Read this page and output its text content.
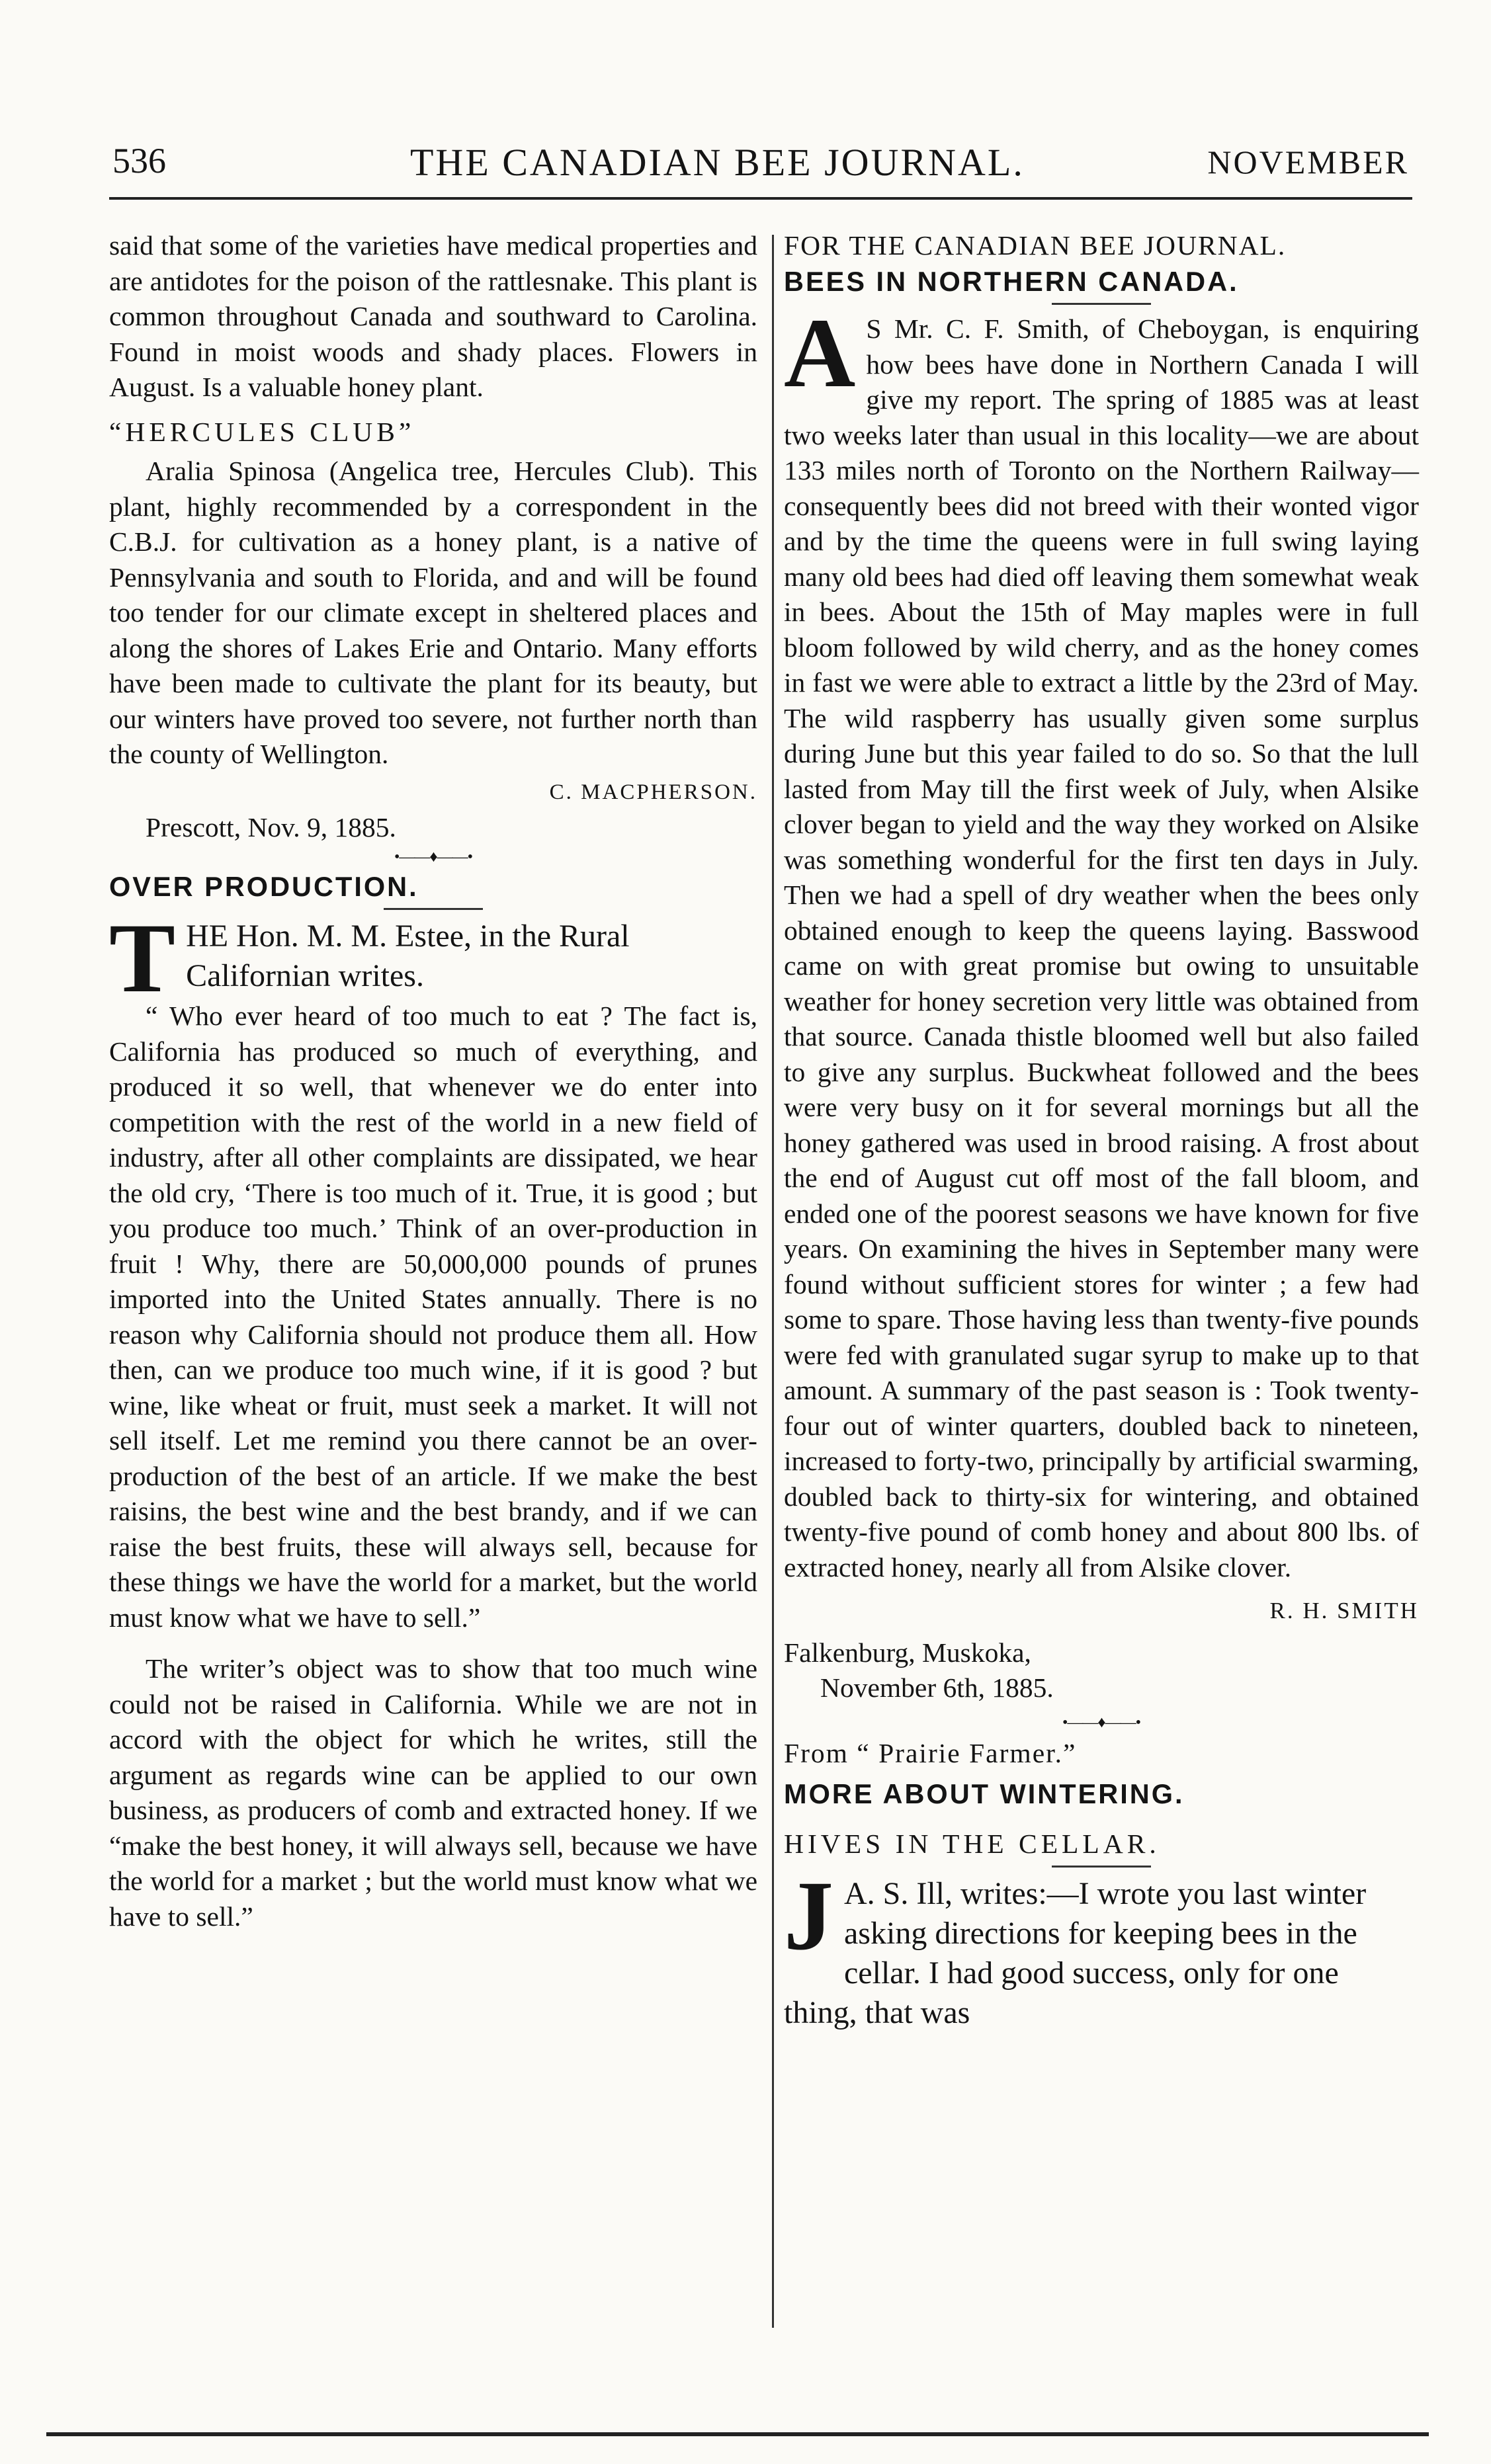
536	THE CANADIAN BEE JOURNAL.	NOVEMBER

said that some of the varieties have medical properties and are antidotes for the poison of the rattlesnake. This plant is common throughout Canada and southward to Carolina. Found in moist woods and shady places. Flowers in August. Is a valuable honey plant.

“HERCULES CLUB”

Aralia Spinosa (Angelica tree, Hercules Club). This plant, highly recommended by a correspondent in the C.B.J. for cultivation as a honey plant, is a native of Pennsylvania and south to Florida, and and will be found too tender for our climate except in sheltered places and along the shores of Lakes Erie and Ontario. Many efforts have been made to cultivate the plant for its beauty, but our winters have proved too severe, not further north than the county of Wellington.

C. MACPHERSON.

Prescott, Nov. 9, 1885.

•——♦——•

OVER PRODUCTION.

T HE Hon. M. M. Estee, in the Rural Californian writes.

“ Who ever heard of too much to eat ? The fact is, California has produced so much of everything, and produced it so well, that whenever we do enter into competition with the rest of the world in a new field of industry, after all other complaints are dissipated, we hear the old cry, ‘There is too much of it. True, it is good ; but you produce too much.’ Think of an over-production in fruit ! Why, there are 50,000,000 pounds of prunes imported into the United States annually. There is no reason why California should not produce them all. How then, can we produce too much wine, if it is good ? but wine, like wheat or fruit, must seek a market. It will not sell itself. Let me remind you there cannot be an over-production of the best of an article. If we make the best raisins, the best wine and the best brandy, and if we can raise the best fruits, these will always sell, because for these things we have the world for a market, but the world must know what we have to sell.”

The writer’s object was to show that too much wine could not be raised in California. While we are not in accord with the object for which he writes, still the argument as regards wine can be applied to our own business, as producers of comb and extracted honey. If we “make the best honey, it will always sell, because we have the world for a market ; but the world must know what we have to sell.”

FOR THE CANADIAN BEE JOURNAL.

BEES IN NORTHERN CANADA.

A S Mr. C. F. Smith, of Cheboygan, is enquiring how bees have done in Northern Canada I will give my report. The spring of 1885 was at least two weeks later than usual in this locality—we are about 133 miles north of Toronto on the Northern Railway—consequently bees did not breed with their wonted vigor and by the time the queens were in full swing laying many old bees had died off leaving them somewhat weak in bees. About the 15th of May maples were in full bloom followed by wild cherry, and as the honey comes in fast we were able to extract a little by the 23rd of May. The wild raspberry has usually given some surplus during June but this year failed to do so. So that the lull lasted from May till the first week of July, when Alsike clover began to yield and the way they worked on Alsike was something wonderful for the first ten days in July. Then we had a spell of dry weather when the bees only obtained enough to keep the queens laying. Basswood came on with great promise but owing to unsuitable weather for honey secretion very little was obtained from that source. Canada thistle bloomed well but also failed to give any surplus. Buckwheat followed and the bees were very busy on it for several mornings but all the honey gathered was used in brood raising. A frost about the end of August cut off most of the fall bloom, and ended one of the poorest seasons we have known for five years. On examining the hives in September many were found without sufficient stores for winter ; a few had some to spare. Those having less than twenty-five pounds were fed with granulated sugar syrup to make up to that amount. A summary of the past season is : Took twenty-four out of winter quarters, doubled back to nineteen, increased to forty-two, principally by artificial swarming, doubled back to thirty-six for wintering, and obtained twenty-five pound of comb honey and about 800 lbs. of extracted honey, nearly all from Alsike clover.

R. H. SMITH

Falkenburg, Muskoka,

November 6th, 1885.

•——♦——•

From “ Prairie Farmer.”

MORE ABOUT WINTERING.

HIVES IN THE CELLAR.

J A. S. Ill, writes:—I wrote you last winter asking directions for keeping bees in the cellar. I had good success, only for one thing, that was
